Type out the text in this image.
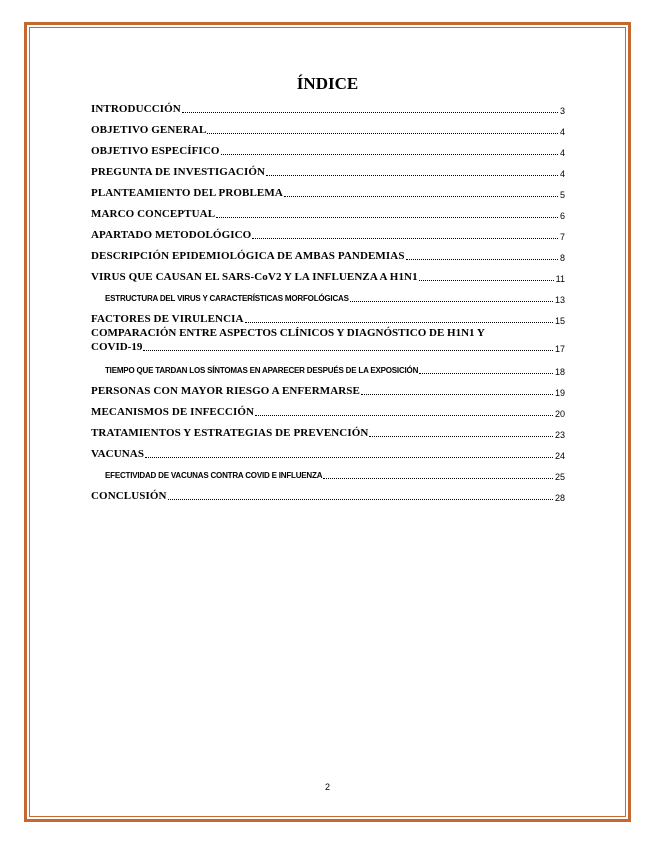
ÍNDICE
INTRODUCCIÓN	3
OBJETIVO GENERAL	4
OBJETIVO ESPECÍFICO	4
PREGUNTA DE INVESTIGACIÓN	4
PLANTEAMIENTO DEL PROBLEMA	5
MARCO CONCEPTUAL	6
APARTADO METODOLÓGICO	7
DESCRIPCIÓN EPIDEMIOLÓGICA DE AMBAS PANDEMIAS	8
VIRUS QUE CAUSAN EL SARS-CoV2 Y LA INFLUENZA A H1N1	11
ESTRUCTURA DEL VIRUS Y CARACTERÍSTICAS MORFOLÓGICAS	13
FACTORES DE VIRULENCIA	15
COMPARACIÓN ENTRE ASPECTOS CLÍNICOS Y DIAGNÓSTICO DE H1N1 Y
COVID-19	17
TIEMPO QUE TARDAN LOS SÍNTOMAS EN APARECER DESPUÉS DE LA EXPOSICIÓN	18
PERSONAS CON MAYOR RIESGO A ENFERMARSE	19
MECANISMOS DE INFECCIÓN	20
TRATAMIENTOS Y ESTRATEGIAS DE PREVENCIÓN	23
VACUNAS	24
EFECTIVIDAD DE VACUNAS CONTRA COVID E INFLUENZA	25
CONCLUSIÓN	28
2
